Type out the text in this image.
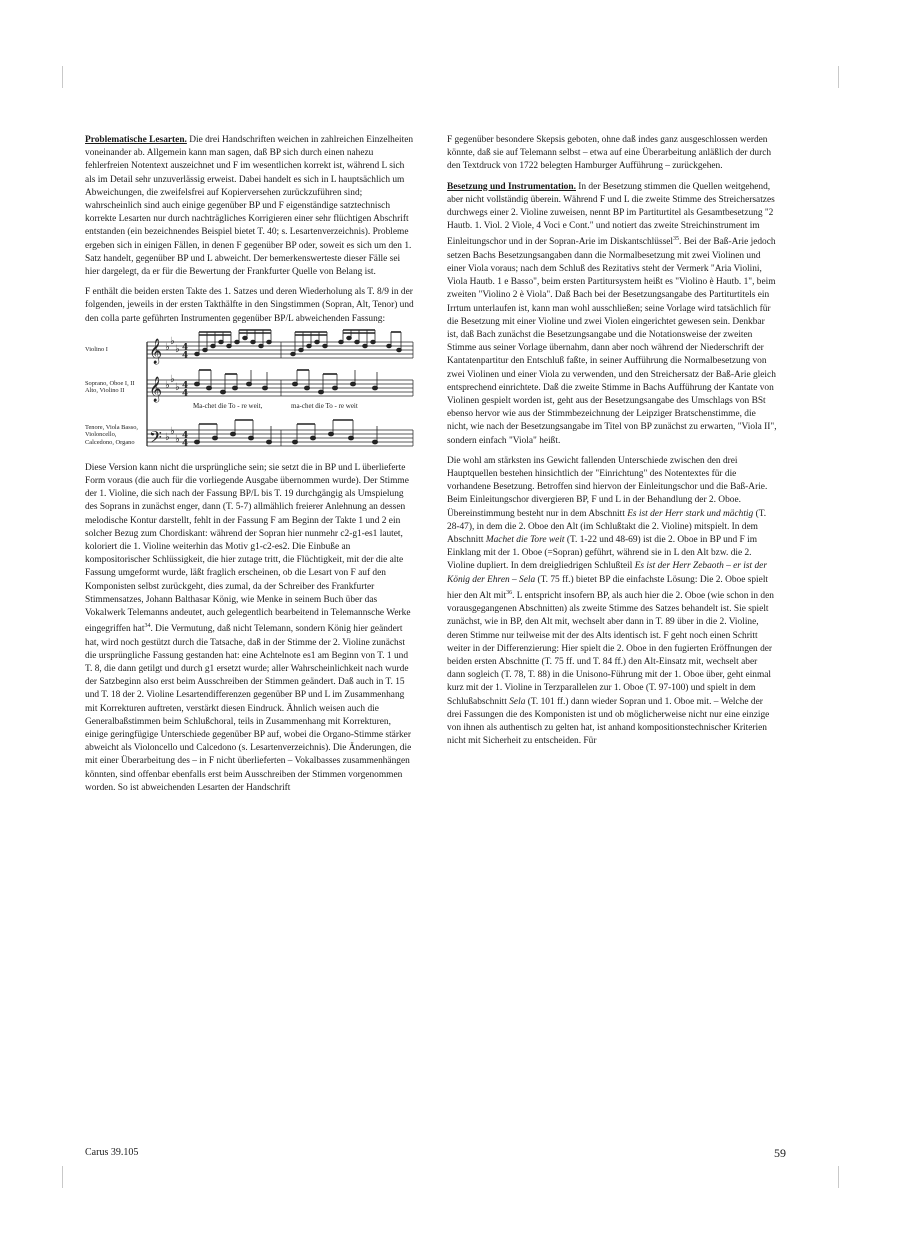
Problematische Lesarten. Die drei Handschriften weichen in zahlreichen Einzelheiten voneinander ab. Allgemein kann man sagen, daß BP sich durch einen nahezu fehlerfreien Notentext auszeichnet und F im wesentlichen korrekt ist, während L sich als im Detail sehr unzuverlässig erweist. Dabei handelt es sich in L hauptsächlich um Abweichungen, die zweifelsfrei auf Kopierversehen zurückzuführen sind; wahrscheinlich sind auch einige gegenüber BP und F eigenständige satztechnisch korrekte Lesarten nur durch nachträgliches Korrigieren einer sehr flüchtigen Abschrift entstanden (ein bezeichnendes Beispiel bietet T. 40; s. Lesartenverzeichnis). Probleme ergeben sich in einigen Fällen, in denen F gegenüber BP oder, soweit es sich um den 1. Satz handelt, gegenüber BP und L abweicht. Der bemerkenswerteste dieser Fälle sei hier dargelegt, da er für die Bewertung der Frankfurter Quelle von Belang ist.

F enthält die beiden ersten Takte des 1. Satzes und deren Wiederholung als T. 8/9 in der folgenden, jeweils in der ersten Takthälfte in den Singstimmen (Sopran, Alt, Tenor) und den colla parte geführten Instrumenten gegenüber BP/L abweichenden Fassung:

𝄞
𝄞
𝄢
♭
♭
♭
♭
♭
♭
♭
♭
♭
4
4
4
4
4
4
Violino I
Soprano, Oboe I, II Alto, Violino II
Tenore, Viola Basso, Violoncello, Calcedono, Organo
Ma-chet die To - re weit,	ma-chet die To - re weit

Diese Version kann nicht die ursprüngliche sein; sie setzt die in BP und L überlieferte Form voraus (die auch für die vorliegende Ausgabe übernommen wurde). Der Stimme der 1. Violine, die sich nach der Fassung BP/L bis T. 19 durchgängig als Umspielung des Soprans in zunächst enger, dann (T. 5-7) allmählich freierer Anlehnung an dessen melodische Kontur darstellt, fehlt in der Fassung F am Beginn der Takte 1 und 2 ein solcher Bezug zum Chordiskant: während der Sopran hier nunmehr c2-g1-es1 lautet, koloriert die 1. Violine weiterhin das Motiv g1-c2-es2. Die Einbuße an kompositorischer Schlüssigkeit, die hier zutage tritt, die Flüchtigkeit, mit der die alte Fassung umgeformt wurde, läßt fraglich erscheinen, ob die Lesart von F auf den Komponisten selbst zurückgeht, dies zumal, da der Schreiber des Frankfurter Stimmensatzes, Johann Balthasar König, wie Menke in seinem Buch über das Vokalwerk Telemanns andeutet, auch gelegentlich bearbeitend in Telemannsche Werke eingegriffen hat$^{34}$. Die Vermutung, daß nicht Telemann, sondern König hier geändert hat, wird noch gestützt durch die Tatsache, daß in der Stimme der 2. Violine zunächst die ursprüngliche Fassung gestanden hat: eine Achtelnote es1 am Beginn von T. 1 und T. 8, die dann getilgt und durch g1 ersetzt wurde; aller Wahrscheinlichkeit nach wurde der Satzbeginn also erst beim Ausschreiben der Stimmen geändert. Daß auch in T. 15 und T. 18 der 2. Violine Lesartendifferenzen gegenüber BP und L im Zusammenhang mit Korrekturen auftreten, verstärkt diesen Eindruck. Ähnlich weisen auch die Generalbaßstimmen beim Schlußchoral, teils in Zusammenhang mit Korrekturen, einige geringfügige Unterschiede gegenüber BP auf, wobei die Organo-Stimme stärker abweicht als Violoncello und Calcedono (s. Lesartenverzeichnis). Die Änderungen, die mit einer Überarbeitung des – in F nicht überlieferten – Vokalbasses zusammenhängen könnten, sind offenbar ebenfalls erst beim Ausschreiben der Stimmen vorgenommen worden. So ist abweichenden Lesarten der Handschrift

F gegenüber besondere Skepsis geboten, ohne daß indes ganz ausgeschlossen werden könnte, daß sie auf Telemann selbst – etwa auf eine Überarbeitung anläßlich der durch den Textdruck von 1722 belegten Hamburger Aufführung – zurückgehen.

Besetzung und Instrumentation. In der Besetzung stimmen die Quellen weitgehend, aber nicht vollständig überein. Während F und L die zweite Stimme des Streichersatzes durchwegs einer 2. Violine zuweisen, nennt BP im Partiturtitel als Gesamtbesetzung "2 Hautb. 1. Viol. 2 Viole, 4 Voci e Cont." und notiert das zweite Streichinstrument im Einleitungschor und in der Sopran-Arie im Diskantschlüssel$^{35}$. Bei der Baß-Arie jedoch setzen Bachs Besetzungsangaben dann die Normalbesetzung mit zwei Violinen und einer Viola voraus; nach dem Schluß des Rezitativs steht der Vermerk "Aria Violini, Viola Hautb. 1 e Basso", beim ersten Partitursystem heißt es "Violino è Hautb. 1", beim zweiten "Violino 2 è Viola". Daß Bach bei der Besetzungsangabe des Partiturtitels ein Irrtum unterlaufen ist, kann man wohl ausschließen; seine Vorlage wird tatsächlich für die Besetzung mit einer Violine und zwei Violen eingerichtet gewesen sein. Denkbar ist, daß Bach zunächst die Besetzungsangabe und die Notationsweise der zweiten Stimme aus seiner Vorlage übernahm, dann aber noch während der Niederschrift der Kantatenpartitur den Entschluß faßte, in seiner Aufführung die Normalbesetzung von zwei Violinen und einer Viola zu verwenden, und den Streichersatz der Baß-Arie gleich entsprechend einrichtete. Daß die zweite Stimme in Bachs Aufführung der Kantate von Violinen gespielt worden ist, geht aus der Besetzungsangabe des Umschlags von BSt ebenso hervor wie aus der Stimmbezeichnung der Leipziger Bratschenstimme, die nicht, wie nach der Besetzungsangabe im Titel von BP zunächst zu erwarten, "Viola II", sondern einfach "Viola" heißt.

Die wohl am stärksten ins Gewicht fallenden Unterschiede zwischen den drei Hauptquellen bestehen hinsichtlich der "Einrichtung" des Notentextes für die vorhandene Besetzung. Betroffen sind hiervon der Einleitungschor und die Baß-Arie. Beim Einleitungschor divergieren BP, F und L in der Behandlung der 2. Oboe. Übereinstimmung besteht nur in dem Abschnitt Es ist der Herr stark und mächtig (T. 28-47), in dem die 2. Oboe den Alt (im Schlußtakt die 2. Violine) mitspielt. In dem Abschnitt Machet die Tore weit (T. 1-22 und 48-69) ist die 2. Oboe in BP und F im Einklang mit der 1. Oboe (=Sopran) geführt, während sie in L den Alt bzw. die 2. Violine dupliert. In dem dreigliedrigen Schlußteil Es ist der Herr Zebaoth – er ist der König der Ehren – Sela (T. 75 ff.) bietet BP die einfachste Lösung: Die 2. Oboe spielt hier den Alt mit$^{36}$. L entspricht insofern BP, als auch hier die 2. Oboe (wie schon in den vorausgegangenen Abschnitten) als zweite Stimme des Satzes behandelt ist. Sie spielt zunächst, wie in BP, den Alt mit, wechselt aber dann in T. 89 über in die 2. Violine, deren Stimme nur teilweise mit der des Alts identisch ist. F geht noch einen Schritt weiter in der Differenzierung: Hier spielt die 2. Oboe in den fugierten Eröffnungen der beiden ersten Abschnitte (T. 75 ff. und T. 84 ff.) den Alt-Einsatz mit, wechselt aber dann sogleich (T. 78, T. 88) in die Unisono-Führung mit der 1. Oboe über, geht einmal kurz mit der 1. Violine in Terzparallelen zur 1. Oboe (T. 97-100) und spielt in dem Schlußabschnitt Sela (T. 101 ff.) dann wieder Sopran und 1. Oboe mit. – Welche der drei Fassungen die des Komponisten ist und ob möglicherweise nicht nur eine einzige von ihnen als authentisch zu gelten hat, ist anhand kompositionstechnischer Kriterien nicht mit Sicherheit zu entscheiden. Für

Carus 39.105	59
